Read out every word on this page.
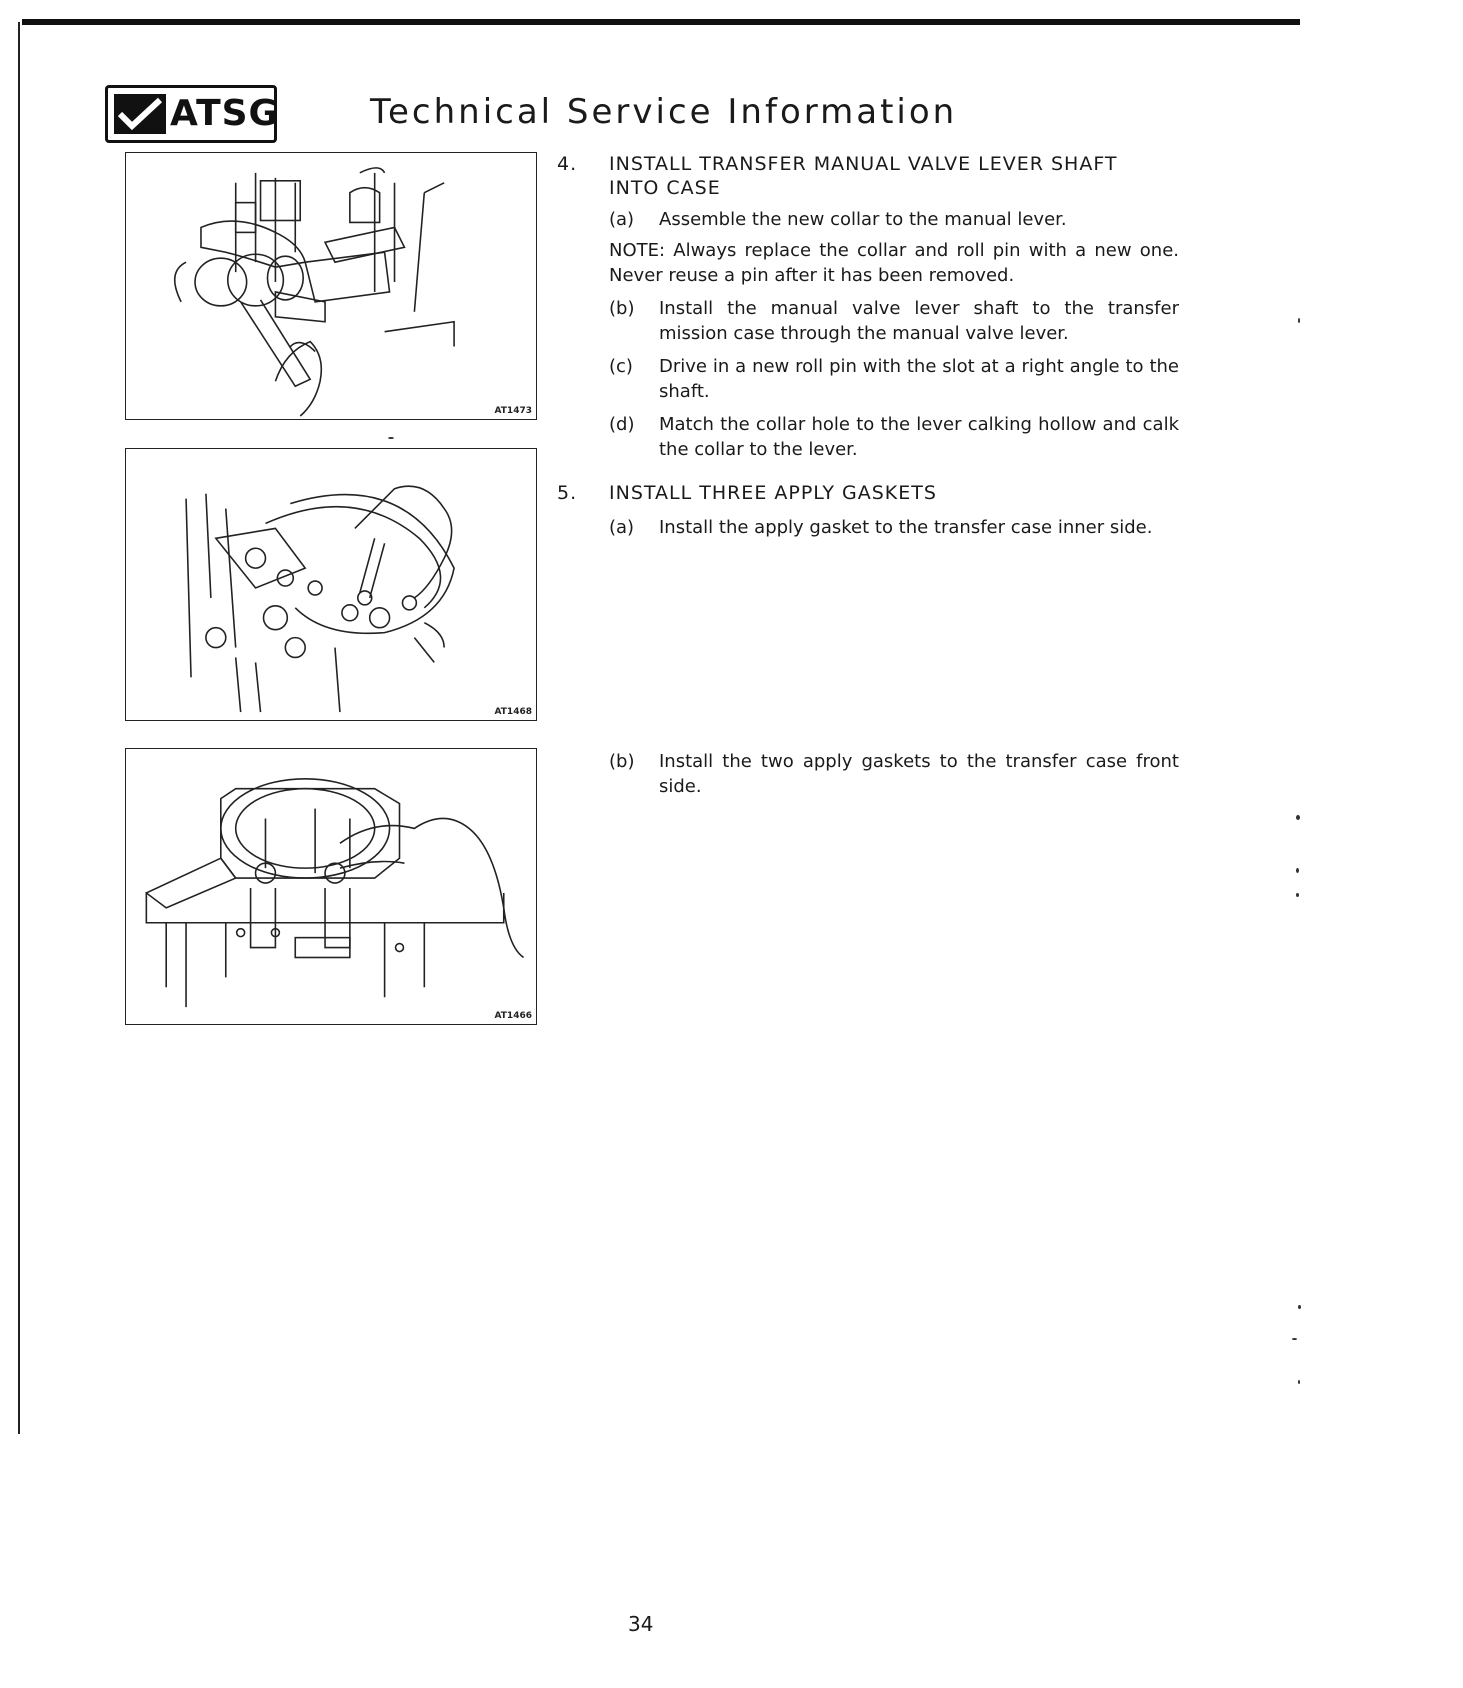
ATSG	Technical Service Information
AT1473
AT1468
AT1466
4.	INSTALL TRANSFER MANUAL VALVE LEVER SHAFT INTO CASE
(a)	Assemble the new collar to the manual lever.
NOTE: Always replace the collar and roll pin with a new one. Never reuse a pin after it has been removed.
(b)	Install the manual valve lever shaft to the transfer mission case through the manual valve lever.
(c)	Drive in a new roll pin with the slot at a right angle to the shaft.
(d)	Match the collar hole to the lever calking hollow and calk the collar to the lever.
5.	INSTALL THREE APPLY GASKETS
(a)	Install the apply gasket to the transfer case inner side.
(b)	Install the two apply gaskets to the transfer case front side.
34
